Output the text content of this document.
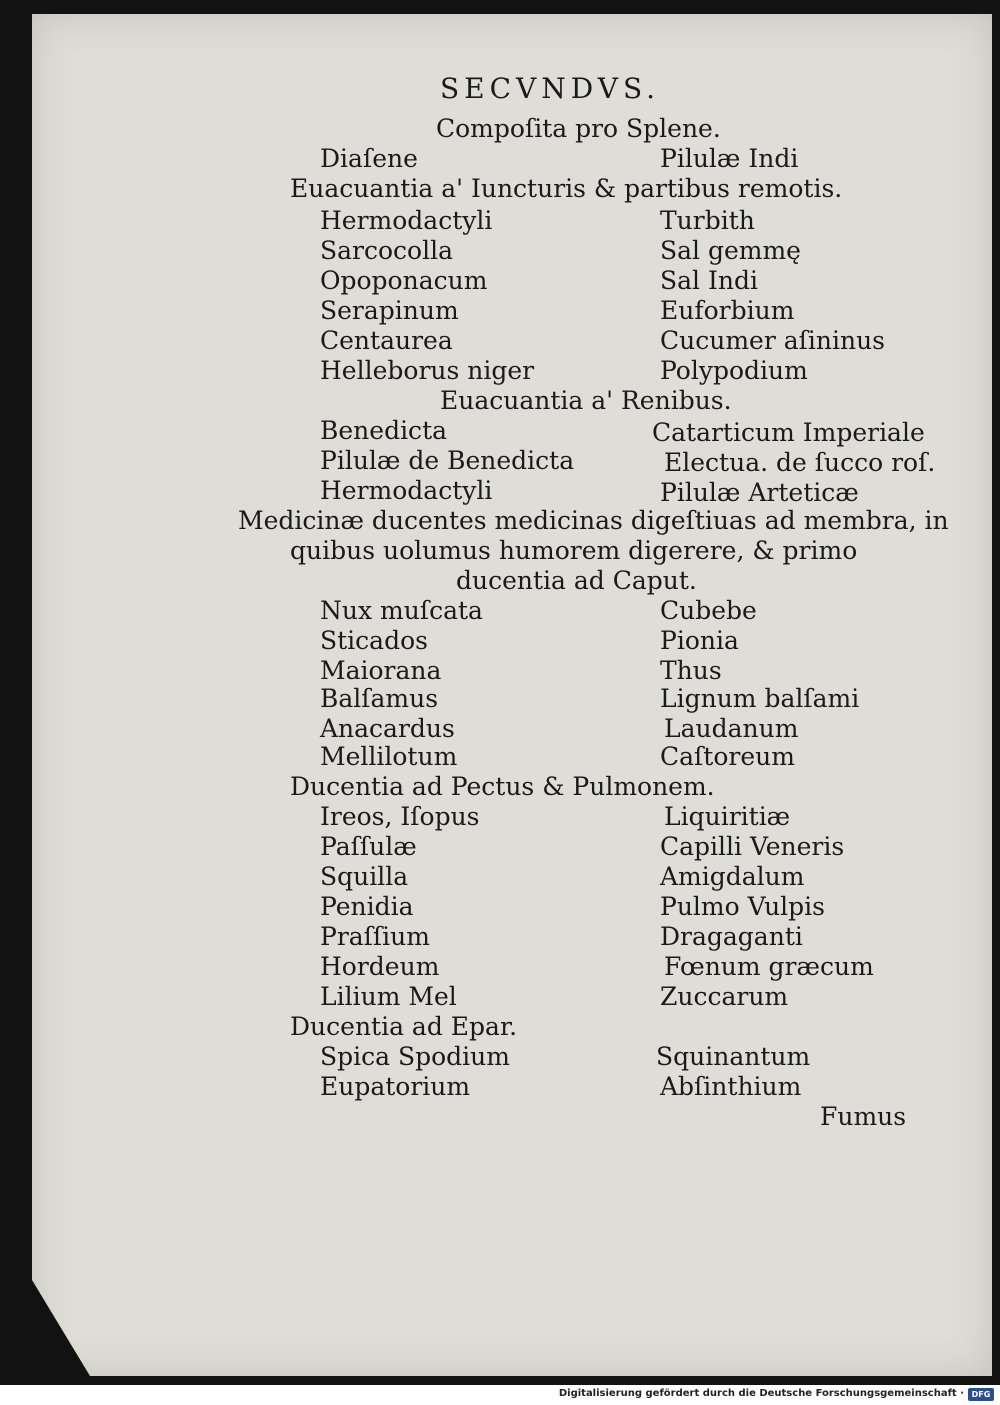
SECVNDVS.
Compoſita pro Splene.
Diaſene	Pilulæ Indi
Euacuantia a' Iuncturis & partibus remotis.
Hermodactyli	Turbith
Sarcocolla	Sal gemmę
Opoponacum	Sal Indi
Serapinum	Euforbium
Centaurea	Cucumer aſininus
Helleborus niger	Polypodium
Euacuantia a' Renibus.
Benedicta	Catarticum Imperiale
Pilulæ de Benedicta	Electua. de ſucco roſ.
Hermodactyli	Pilulæ Arteticæ
Medicinæ ducentes medicinas digeſtiuas ad membra, in
quibus uolumus humorem digerere, & primo
ducentia ad Caput.
Nux muſcata	Cubebe
Sticados	Pionia
Maiorana	Thus
Balſamus	Lignum balſami
Anacardus	Laudanum
Mellilotum	Caſtoreum
Ducentia ad Pectus & Pulmonem.
Ireos, Iſopus	Liquiritiæ
Paſſulæ	Capilli Veneris
Squilla	Amigdalum
Penidia	Pulmo Vulpis
Praſſium	Dragaganti
Hordeum	Fœnum græcum
Lilium Mel	Zuccarum
Ducentia ad Epar.
Spica Spodium	Squinantum
Eupatorium	Abſinthium
Fumus
Digitalisierung gefördert durch die Deutsche Forschungsgemeinschaft · DFG
